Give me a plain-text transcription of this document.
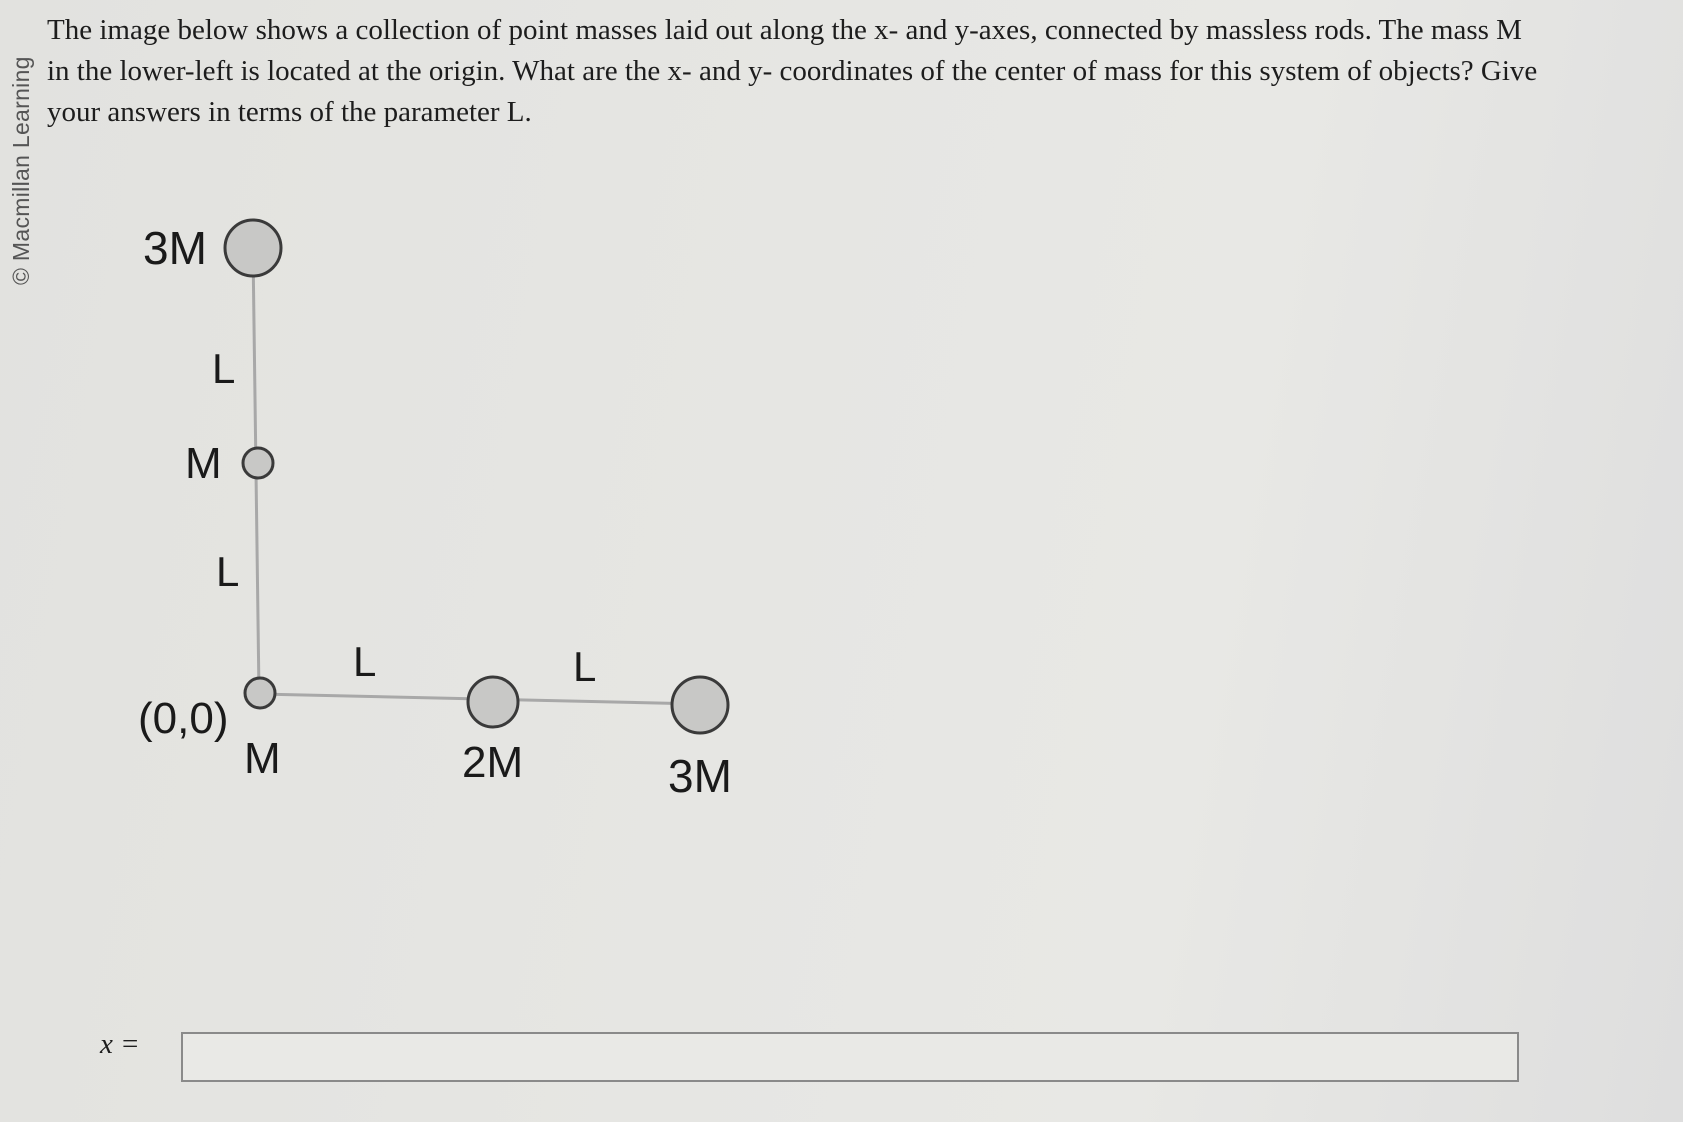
© Macmillan Learning
The image below shows a collection of point masses laid out along the x- and y-axes, connected by massless rods. The mass M
in the lower-left is located at the origin. What are the x- and y- coordinates of the center of mass for this system of objects? Give
your answers in terms of the parameter L.
3M
M
M	2M	3M
(0,0)
L
L
L	L
x =
